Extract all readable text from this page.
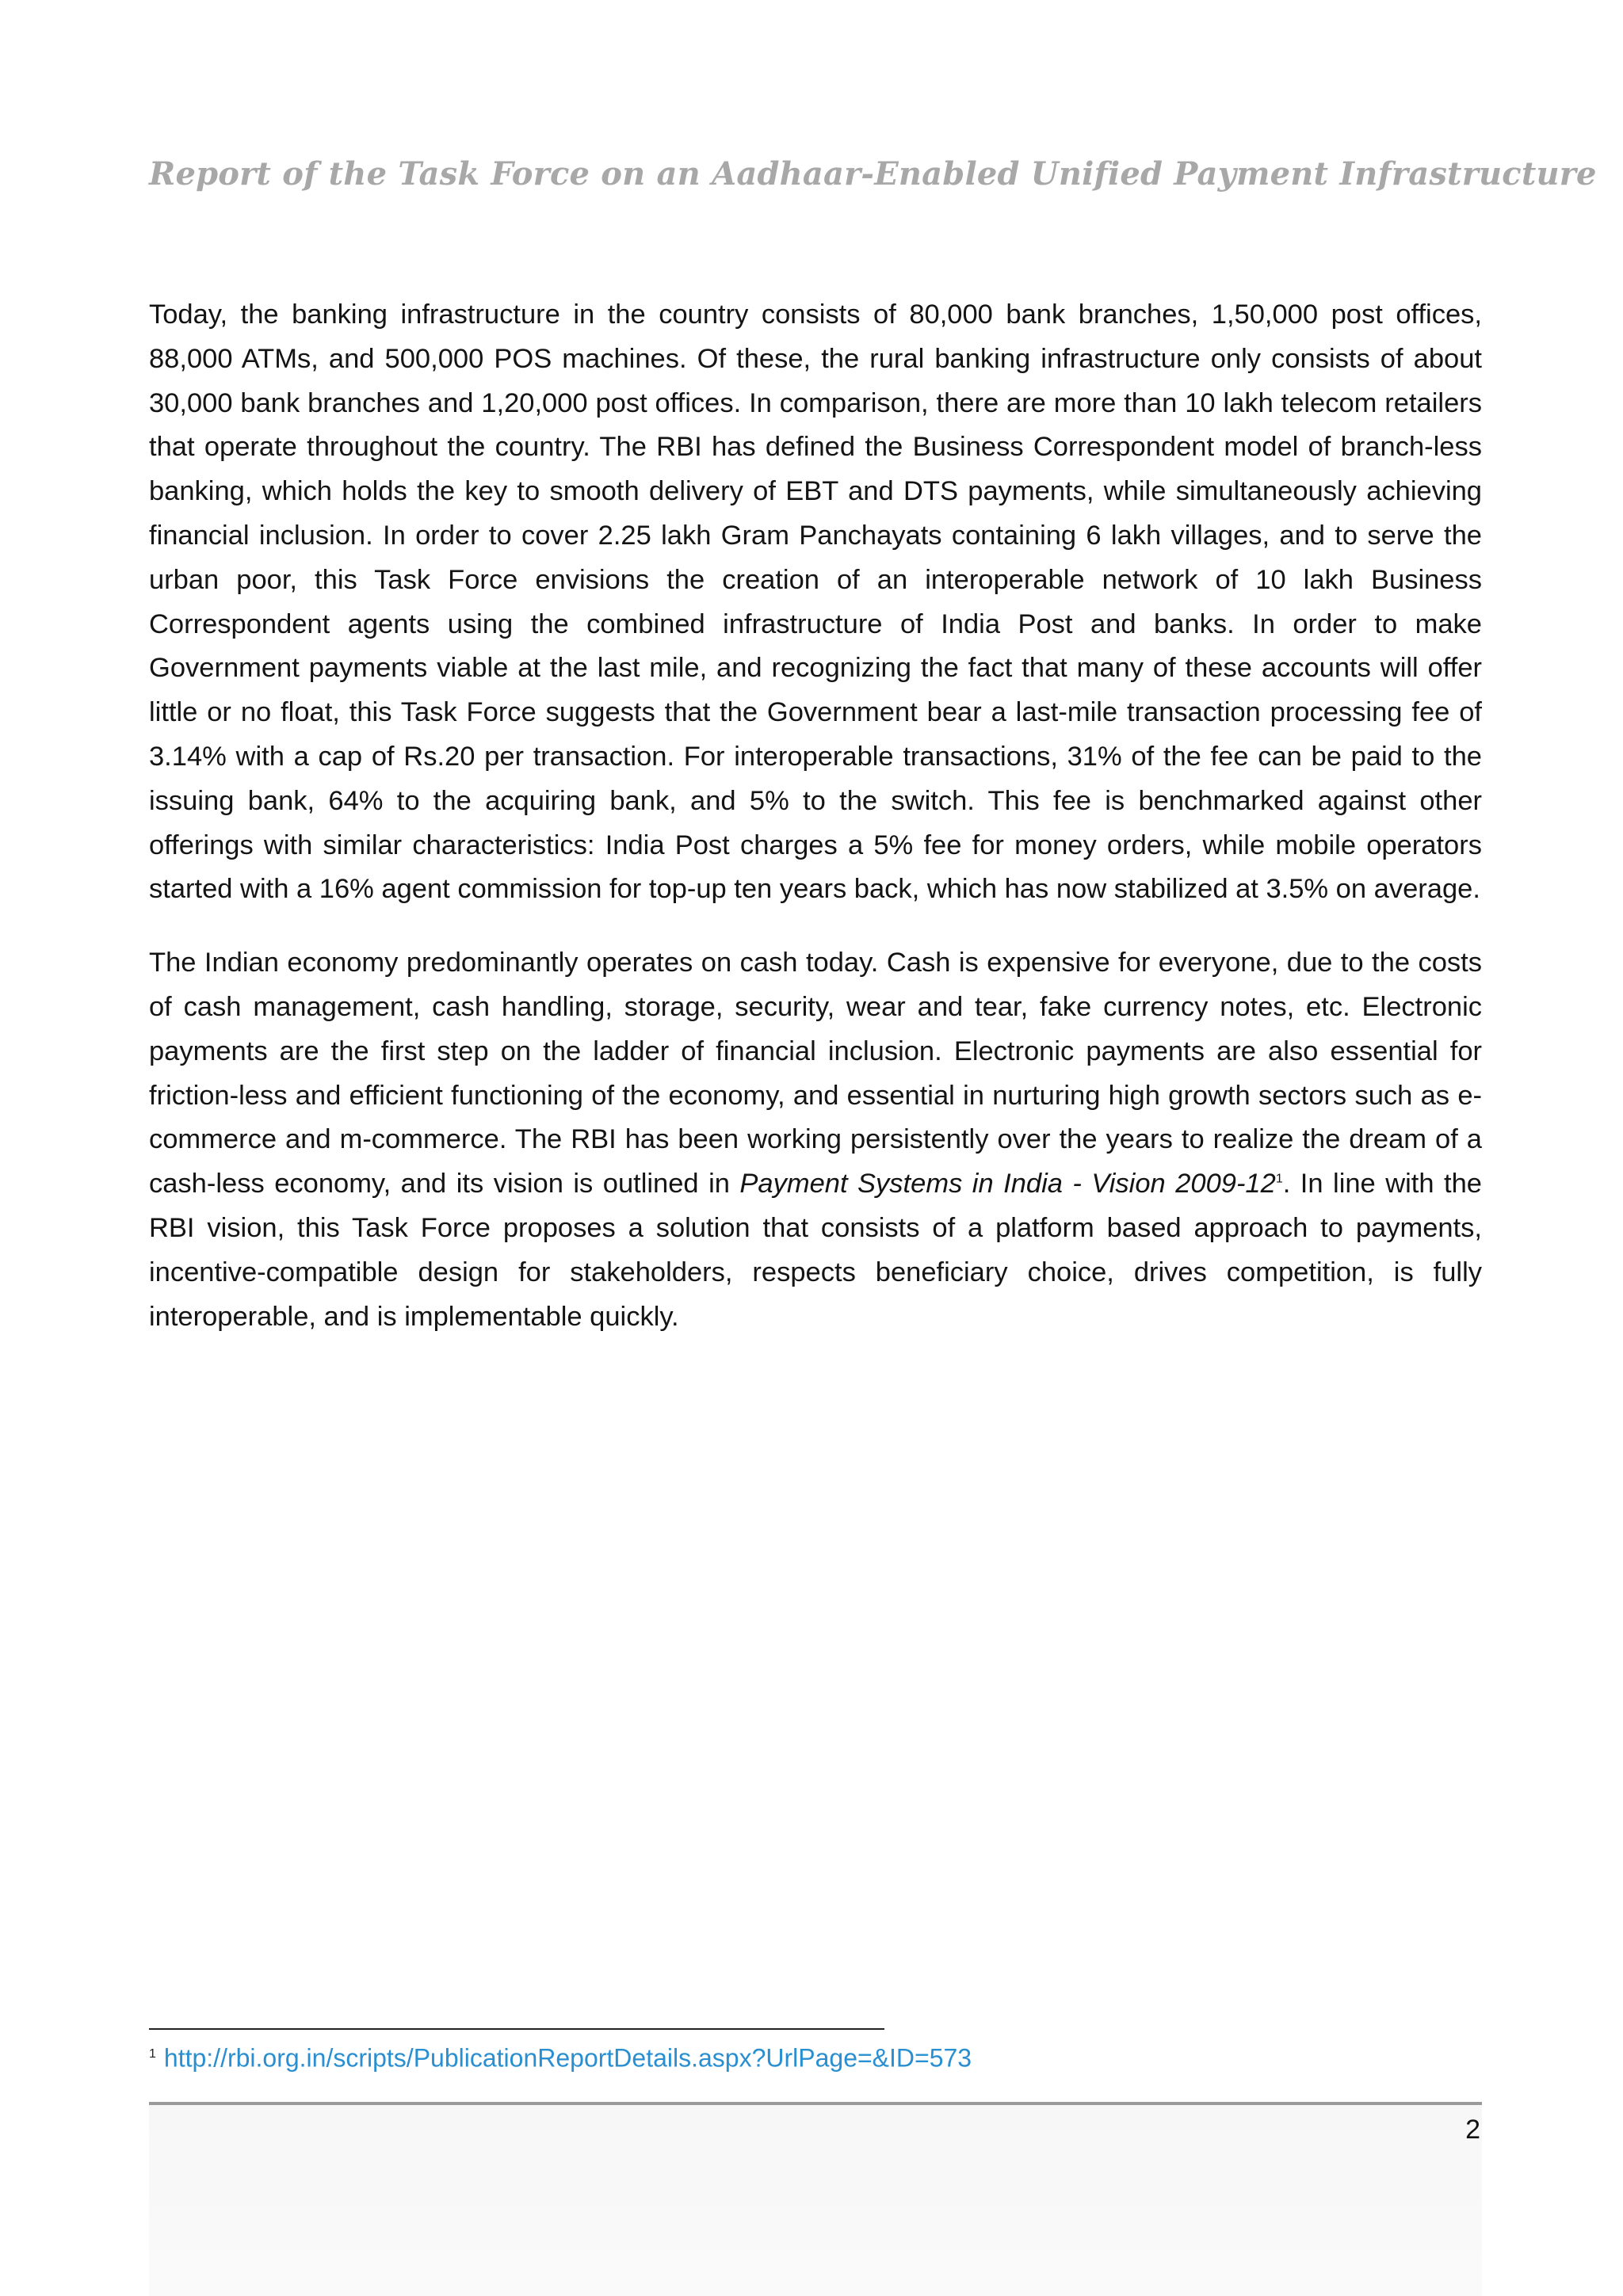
Report of the Task Force on an Aadhaar-Enabled Unified Payment Infrastructure

Today, the banking infrastructure in the country consists of 80,000 bank branches, 1,50,000 post offices, 88,000 ATMs, and 500,000 POS machines. Of these, the rural banking infrastructure only consists of about 30,000 bank branches and 1,20,000 post offices. In comparison, there are more than 10 lakh telecom retailers that operate throughout the country. The RBI has defined the Business Correspondent model of branch-less banking, which holds the key to smooth delivery of EBT and DTS payments, while simultaneously achieving financial inclusion. In order to cover 2.25 lakh Gram Panchayats containing 6 lakh villages, and to serve the urban poor, this Task Force envisions the creation of an interoperable network of 10 lakh Business Correspondent agents using the combined infrastructure of India Post and banks. In order to make Government payments viable at the last mile, and recognizing the fact that many of these accounts will offer little or no float, this Task Force suggests that the Government bear a last-mile transaction processing fee of 3.14% with a cap of Rs.20 per transaction. For interoperable transactions, 31% of the fee can be paid to the issuing bank, 64% to the acquiring bank, and 5% to the switch. This fee is benchmarked against other offerings with similar characteristics: India Post charges a 5% fee for money orders, while mobile operators started with a 16% agent commission for top-up ten years back, which has now stabilized at 3.5% on average.

The Indian economy predominantly operates on cash today. Cash is expensive for everyone, due to the costs of cash management, cash handling, storage, security, wear and tear, fake currency notes, etc. Electronic payments are the first step on the ladder of financial inclusion. Electronic payments are also essential for friction-less and efficient functioning of the economy, and essential in nurturing high growth sectors such as e-commerce and m-commerce. The RBI has been working persistently over the years to realize the dream of a cash-less economy, and its vision is outlined in Payment Systems in India - Vision 2009-12$^1$. In line with the RBI vision, this Task Force proposes a solution that consists of a platform based approach to payments, incentive-compatible design for stakeholders, respects beneficiary choice, drives competition, is fully interoperable, and is implementable quickly.

$^1$ http://rbi.org.in/scripts/PublicationReportDetails.aspx?UrlPage=&ID=573
2
